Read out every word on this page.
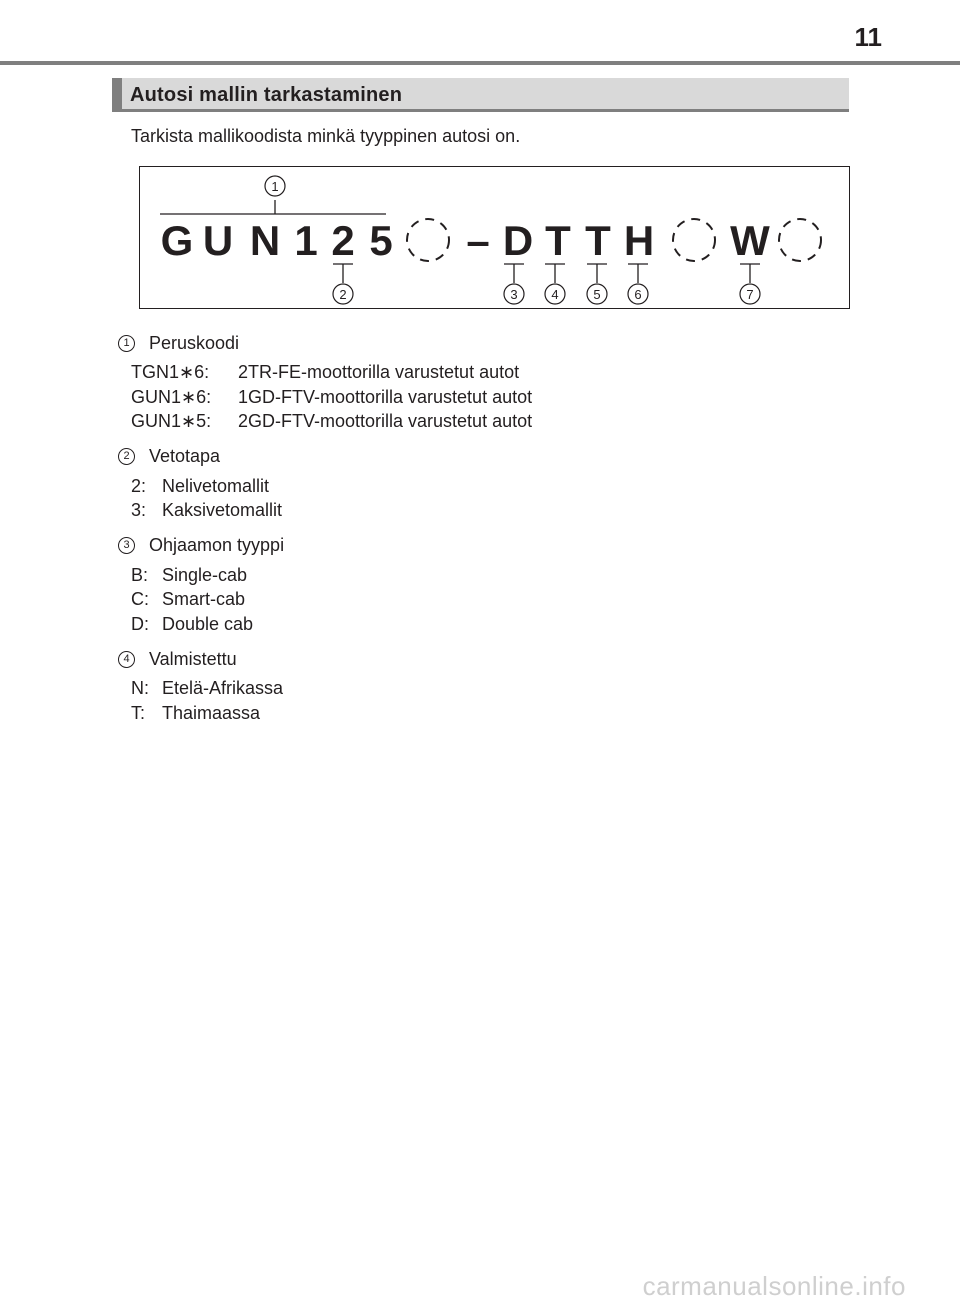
11
Autosi mallin tarkastaminen
Tarkista mallikoodista minkä tyyppinen autosi on.
G U N 1 2 5 – D T T H W
1
2	3	4	5	6	7
1	Peruskoodi
TGN1∗6:	2TR-FE-moottorilla varustetut autot
GUN1∗6:	1GD-FTV-moottorilla varustetut autot
GUN1∗5:	2GD-FTV-moottorilla varustetut autot
2	Vetotapa
2: Nelivetomallit
3: Kaksivetomallit
3	Ohjaamon tyyppi
B: Single-cab
C: Smart-cab
D: Double cab
4	Valmistettu
N: Etelä-Afrikassa
T: Thaimaassa
carmanualsonline.info
